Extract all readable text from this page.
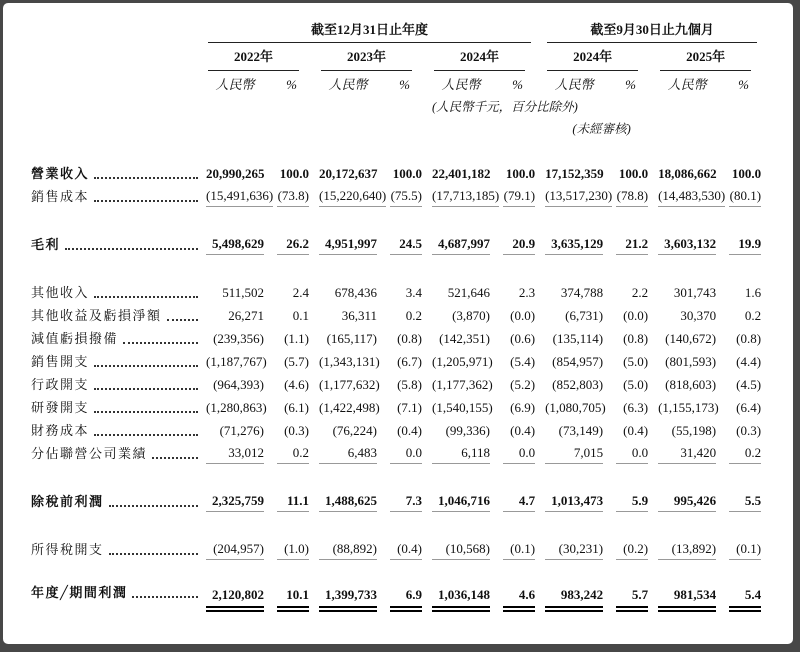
	截至12月31日止年度						截至9月30日止九個月			

	2022年		2023年		2024年		2024年		2025年	

	人民幣	%	人民幣	%	人民幣	%	人民幣	%	人民幣	%
					(人民幣千元，百分比除外)					
							(未經審核)			

營業收入	20,990,265	100.0	20,172,637	100.0	22,401,182	100.0	17,152,359	100.0	18,086,662	100.0

銷售成本	(15,491,636)	(73.8)	(15,220,640)	(75.5)	(17,713,185)	(79.1)	(13,517,230)	(78.8)	(14,483,530)	(80.1)

毛利	5,498,629	26.2	4,951,997	24.5	4,687,997	20.9	3,635,129	21.2	3,603,132	19.9

其他收入	511,502	2.4	678,436	3.4	521,646	2.3	374,788	2.2	301,743	1.6

其他收益及虧損淨額	26,271	0.1	36,311	0.2	(3,870)	(0.0)	(6,731)	(0.0)	30,370	0.2

減值虧損撥備	(239,356)	(1.1)	(165,117)	(0.8)	(142,351)	(0.6)	(135,114)	(0.8)	(140,672)	(0.8)

銷售開支	(1,187,767)	(5.7)	(1,343,131)	(6.7)	(1,205,971)	(5.4)	(854,957)	(5.0)	(801,593)	(4.4)

行政開支	(964,393)	(4.6)	(1,177,632)	(5.8)	(1,177,362)	(5.2)	(852,803)	(5.0)	(818,603)	(4.5)

研發開支	(1,280,863)	(6.1)	(1,422,498)	(7.1)	(1,540,155)	(6.9)	(1,080,705)	(6.3)	(1,155,173)	(6.4)

財務成本	(71,276)	(0.3)	(76,224)	(0.4)	(99,336)	(0.4)	(73,149)	(0.4)	(55,198)	(0.3)

分佔聯營公司業績	33,012	0.2	6,483	0.0	6,118	0.0	7,015	0.0	31,420	0.2

除稅前利潤	2,325,759	11.1	1,488,625	7.3	1,046,716	4.7	1,013,473	5.9	995,426	5.5

所得稅開支	(204,957)	(1.0)	(88,892)	(0.4)	(10,568)	(0.1)	(30,231)	(0.2)	(13,892)	(0.1)

年度╱期間利潤	2,120,802	10.1	1,399,733	6.9	1,036,148	4.6	983,242	5.7	981,534	5.4
